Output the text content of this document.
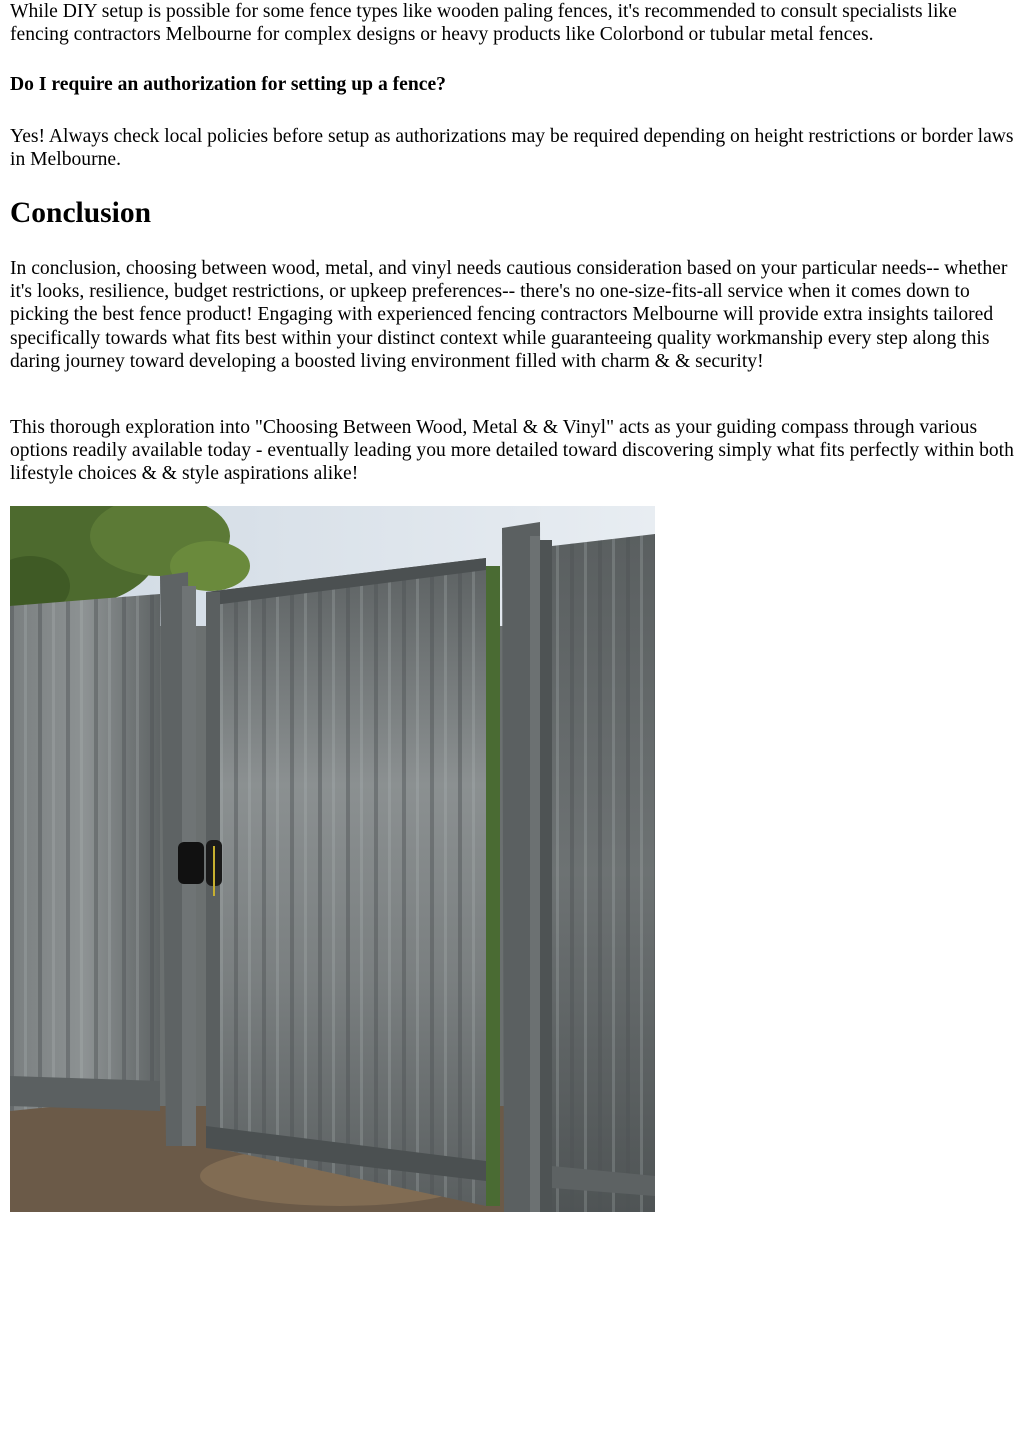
While DIY setup is possible for some fence types like wooden paling fences, it's recommended to consult specialists like fencing contractors Melbourne for complex designs or heavy products like Colorbond or tubular metal fences.

Do I require an authorization for setting up a fence?

Yes! Always check local policies before setup as authorizations may be required depending on height restrictions or border laws in Melbourne.

Conclusion

In conclusion, choosing between wood, metal, and vinyl needs cautious consideration based on your particular needs-- whether it's looks, resilience, budget restrictions, or upkeep preferences-- there's no one-size-fits-all service when it comes down to picking the best fence product! Engaging with experienced fencing contractors Melbourne will provide extra insights tailored specifically towards what fits best within your distinct context while guaranteeing quality workmanship every step along this daring journey toward developing a boosted living environment filled with charm & & security!

This thorough exploration into "Choosing Between Wood, Metal & & Vinyl" acts as your guiding compass through various options readily available today - eventually leading you more detailed toward discovering simply what fits perfectly within both lifestyle choices & & style aspirations alike!
